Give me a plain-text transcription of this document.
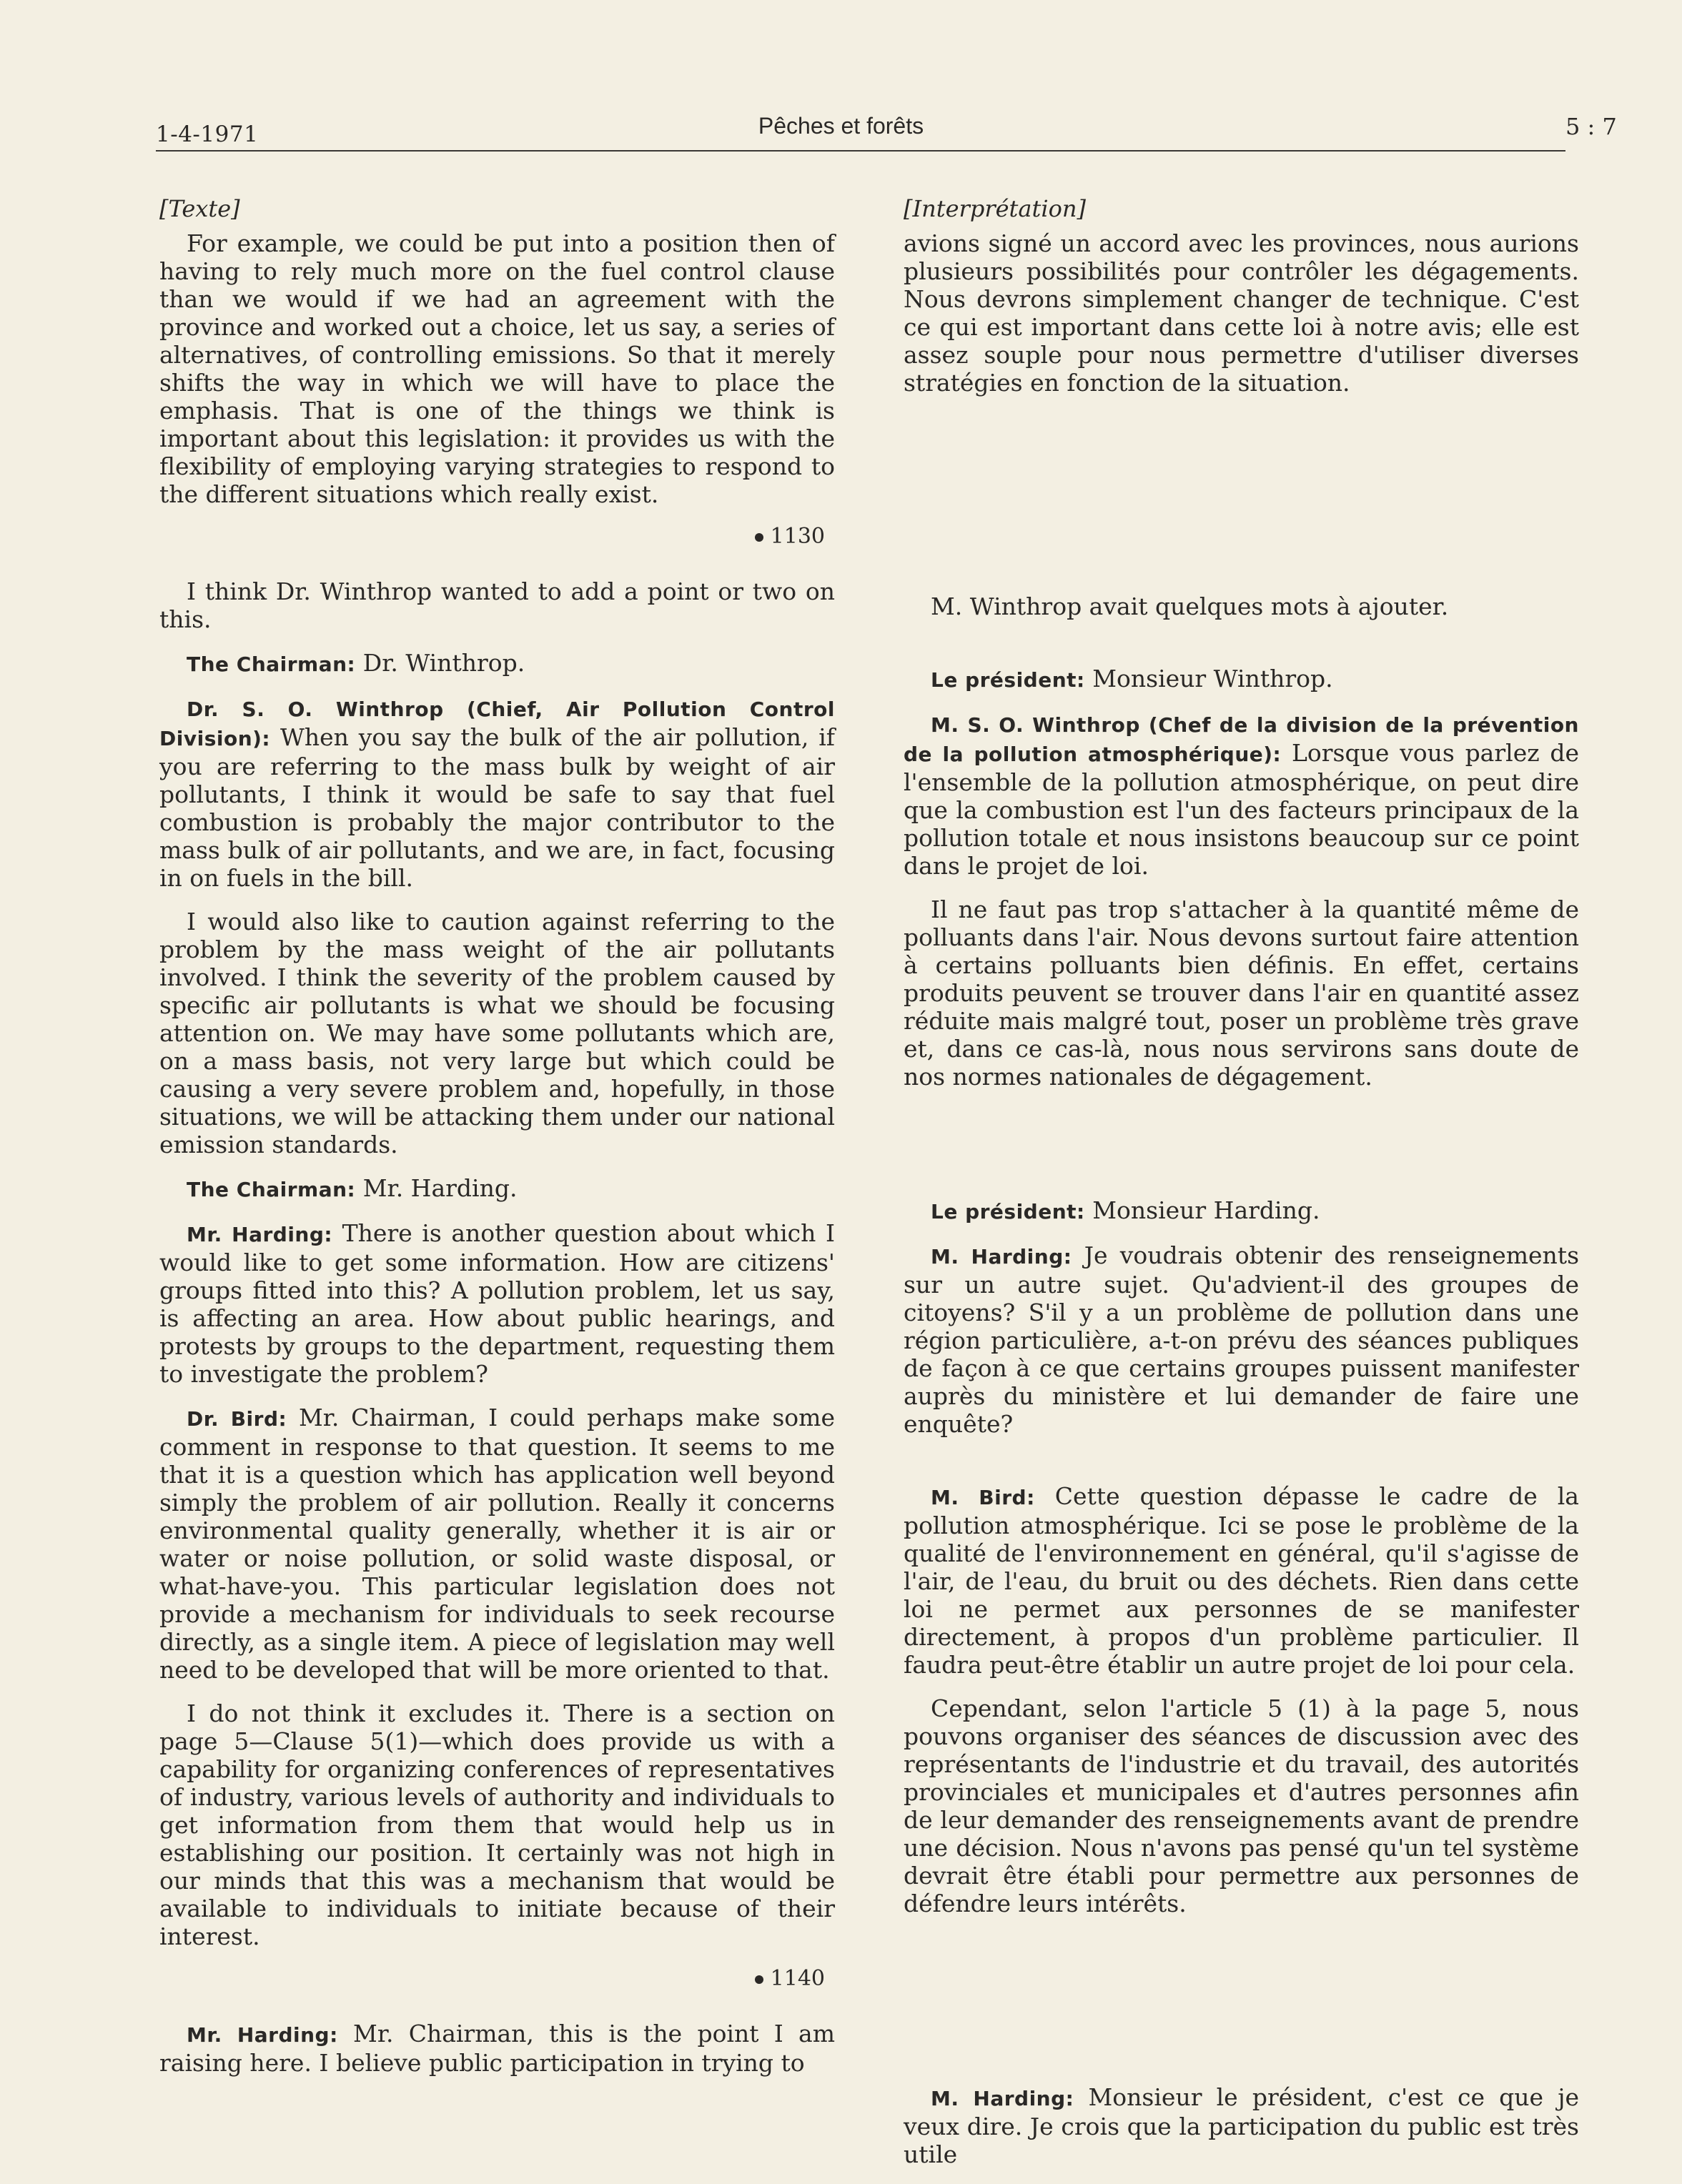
1-4-1971	Pêches et forêts	5 : 7
[Texte]

For example, we could be put into a position then of having to rely much more on the fuel control clause than we would if we had an agreement with the province and worked out a choice, let us say, a series of alternatives, of controlling emissions. So that it merely shifts the way in which we will have to place the emphasis. That is one of the things we think is important about this legislation: it provides us with the flexibility of employing varying strategies to respond to the different situations which really exist.

1130

I think Dr. Winthrop wanted to add a point or two on this.

The Chairman: Dr. Winthrop.

Dr. S. O. Winthrop (Chief, Air Pollution Control Division): When you say the bulk of the air pollution, if you are referring to the mass bulk by weight of air pollutants, I think it would be safe to say that fuel combustion is probably the major contributor to the mass bulk of air pollutants, and we are, in fact, focusing in on fuels in the bill.

I would also like to caution against referring to the problem by the mass weight of the air pollutants involved. I think the severity of the problem caused by specific air pollutants is what we should be focusing attention on. We may have some pollutants which are, on a mass basis, not very large but which could be causing a very severe problem and, hopefully, in those situations, we will be attacking them under our national emission standards.

The Chairman: Mr. Harding.

Mr. Harding: There is another question about which I would like to get some information. How are citizens' groups fitted into this? A pollution problem, let us say, is affecting an area. How about public hearings, and protests by groups to the department, requesting them to investigate the problem?

Dr. Bird: Mr. Chairman, I could perhaps make some comment in response to that question. It seems to me that it is a question which has application well beyond simply the problem of air pollution. Really it concerns environmental quality generally, whether it is air or water or noise pollution, or solid waste disposal, or what-have-you. This particular legislation does not provide a mechanism for individuals to seek recourse directly, as a single item. A piece of legislation may well need to be developed that will be more oriented to that.

I do not think it excludes it. There is a section on page 5—Clause 5(1)—which does provide us with a capability for organizing conferences of representatives of industry, various levels of authority and individuals to get information from them that would help us in establishing our position. It certainly was not high in our minds that this was a mechanism that would be available to individuals to initiate because of their interest.

1140

Mr. Harding: Mr. Chairman, this is the point I am raising here. I believe public participation in trying to

[Interprétation]

avions signé un accord avec les provinces, nous aurions plusieurs possibilités pour contrôler les dégagements. Nous devrons simplement changer de technique. C'est ce qui est important dans cette loi à notre avis; elle est assez souple pour nous permettre d'utiliser diverses stratégies en fonction de la situation.

M. Winthrop avait quelques mots à ajouter.

Le président: Monsieur Winthrop.

M. S. O. Winthrop (Chef de la division de la prévention de la pollution atmosphérique): Lorsque vous parlez de l'ensemble de la pollution atmosphérique, on peut dire que la combustion est l'un des facteurs principaux de la pollution totale et nous insistons beaucoup sur ce point dans le projet de loi.

Il ne faut pas trop s'attacher à la quantité même de polluants dans l'air. Nous devons surtout faire attention à certains polluants bien définis. En effet, certains produits peuvent se trouver dans l'air en quantité assez réduite mais malgré tout, poser un problème très grave et, dans ce cas-là, nous nous servirons sans doute de nos normes nationales de dégagement.

Le président: Monsieur Harding.

M. Harding: Je voudrais obtenir des renseignements sur un autre sujet. Qu'advient-il des groupes de citoyens? S'il y a un problème de pollution dans une région particulière, a-t-on prévu des séances publiques de façon à ce que certains groupes puissent manifester auprès du ministère et lui demander de faire une enquête?

M. Bird: Cette question dépasse le cadre de la pollution atmosphérique. Ici se pose le problème de la qualité de l'environnement en général, qu'il s'agisse de l'air, de l'eau, du bruit ou des déchets. Rien dans cette loi ne permet aux personnes de se manifester directement, à propos d'un problème particulier. Il faudra peut-être établir un autre projet de loi pour cela.

Cependant, selon l'article 5 (1) à la page 5, nous pouvons organiser des séances de discussion avec des représentants de l'industrie et du travail, des autorités provinciales et municipales et d'autres personnes afin de leur demander des renseignements avant de prendre une décision. Nous n'avons pas pensé qu'un tel système devrait être établi pour permettre aux personnes de défendre leurs intérêts.

M. Harding: Monsieur le président, c'est ce que je veux dire. Je crois que la participation du public est très utile
